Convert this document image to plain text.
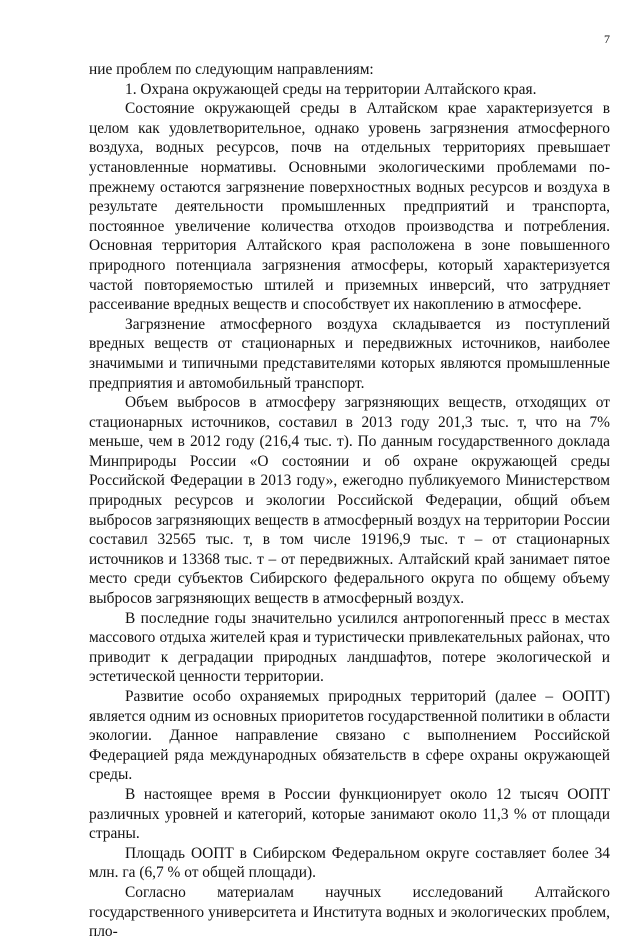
7

ние проблем по следующим направлениям:

1. Охрана окружающей среды на территории Алтайского края.

Состояние окружающей среды в Алтайском крае характеризуется в целом как удовлетворительное, однако уровень загрязнения атмосферного воздуха, водных ресурсов, почв на отдельных территориях превышает установленные нормативы. Основными экологическими проблемами по-прежнему остаются загрязнение поверхностных водных ресурсов и воздуха в результате деятельности промышленных предприятий и транспорта, постоянное увеличение количества отходов производства и потребления. Основная территория Алтайского края расположена в зоне повышенного природного потенциала загрязнения атмосферы, который характеризуется частой повторяемостью штилей и приземных инверсий, что затрудняет рассеивание вредных веществ и способствует их накоплению в атмосфере.

Загрязнение атмосферного воздуха складывается из поступлений вредных веществ от стационарных и передвижных источников, наиболее значимыми и типичными представителями которых являются промышленные предприятия и автомобильный транспорт.

Объем выбросов в атмосферу загрязняющих веществ, отходящих от стационарных источников, составил в 2013 году 201,3 тыс. т, что на 7% меньше, чем в 2012 году (216,4 тыс. т). По данным государственного доклада Минприроды России «О состоянии и об охране окружающей среды Российской Федерации в 2013 году», ежегодно публикуемого Министерством природных ресурсов и экологии Российской Федерации, общий объем выбросов загрязняющих веществ в атмосферный воздух на территории России составил 32565 тыс. т, в том числе 19196,9 тыс. т – от стационарных источников и 13368 тыс. т – от передвижных. Алтайский край занимает пятое место среди субъектов Сибирского федерального округа по общему объему выбросов загрязняющих веществ в атмосферный воздух.

В последние годы значительно усилился антропогенный пресс в местах массового отдыха жителей края и туристически привлекательных районах, что приводит к деградации природных ландшафтов, потере экологической и эстетической ценности территории.

Развитие особо охраняемых природных территорий (далее – ООПТ) является одним из основных приоритетов государственной политики в области экологии. Данное направление связано с выполнением Российской Федерацией ряда международных обязательств в сфере охраны окружающей среды.

В настоящее время в России функционирует около 12 тысяч ООПТ различных уровней и категорий, которые занимают около 11,3 % от площади страны.

Площадь ООПТ в Сибирском Федеральном округе составляет более 34 млн. га (6,7 % от общей площади).

Согласно материалам научных исследований Алтайского государственного университета и Института водных и экологических проблем, пло-
